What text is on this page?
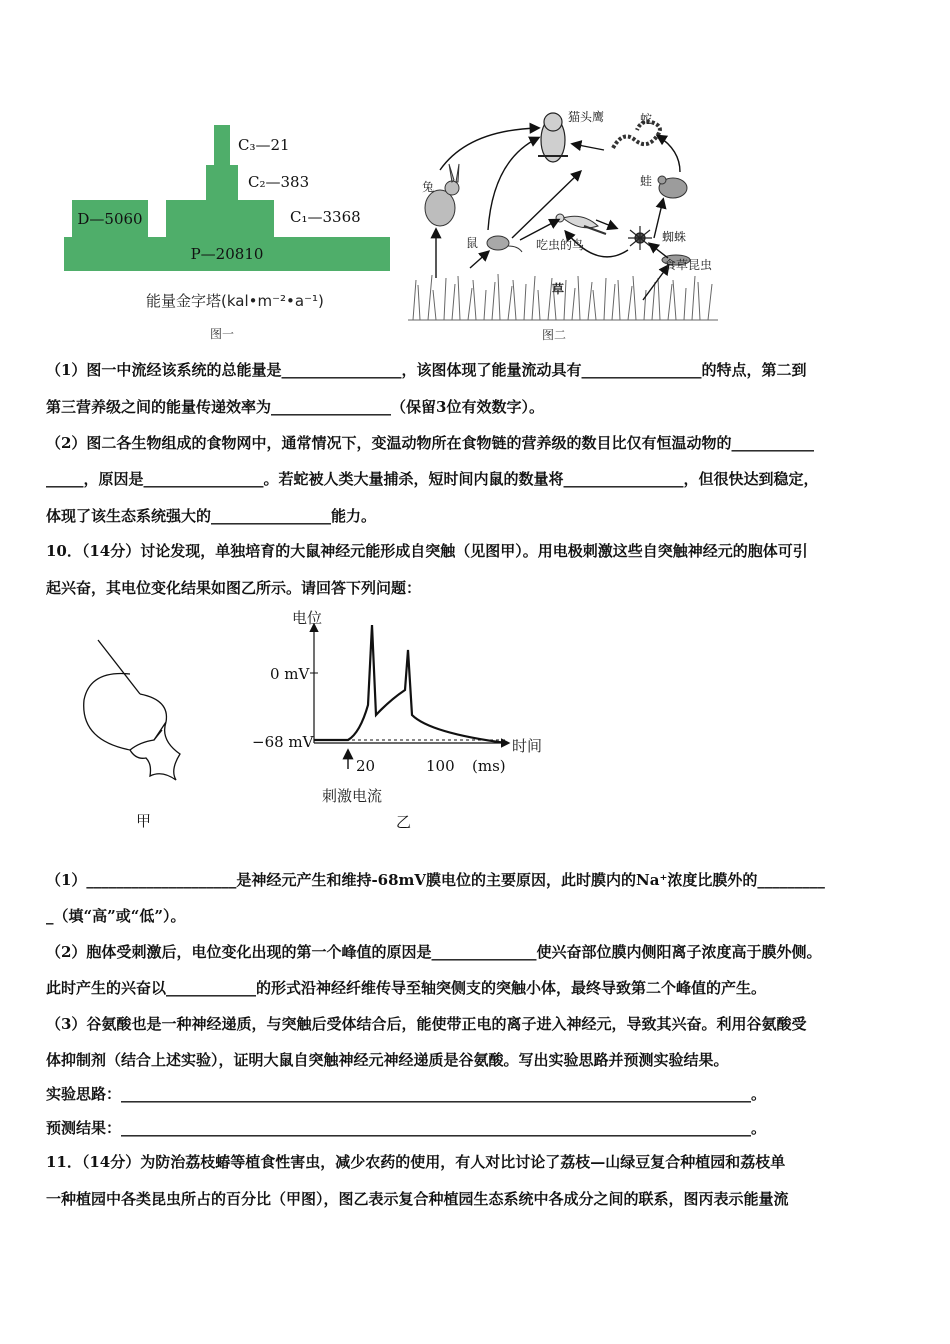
P—20810
D—5060
C₃—21
C₂—383
C₁—3368
能量金字塔(kal•m⁻²•a⁻¹)
图一
猫头鹰	蛇
兔	蛙
鼠	吃虫的鸟
蜘蛛
食草昆虫
草
图二
（1）图一中流经该系统的总能量是________________，该图体现了能量流动具有________________的特点，第二到
第三营养级之间的能量传递效率为________________（保留3位有效数字）。
（2）图二各生物组成的食物网中，通常情况下，变温动物所在食物链的营养级的数目比仅有恒温动物的___________
_____，原因是________________。若蛇被人类大量捕杀，短时间内鼠的数量将________________，但很快达到稳定，
体现了该生态系统强大的________________能力。
10．（14分）讨论发现，单独培育的大鼠神经元能形成自突触（见图甲）。用电极刺激这些自突触神经元的胞体可引
起兴奋，其电位变化结果如图乙所示。请回答下列问题：
甲
电位
0 mV
−68 mV
20	100 (ms)
时间
刺激电流
乙
（1）____________________是神经元产生和维持-68mV膜电位的主要原因，此时膜内的Na⁺浓度比膜外的_________
_（填“高”或“低”）。
（2）胞体受刺激后，电位变化出现的第一个峰值的原因是______________使兴奋部位膜内侧阳离子浓度高于膜外侧。
此时产生的兴奋以____________的形式沿神经纤维传导至轴突侧支的突触小体，最终导致第二个峰值的产生。
（3）谷氨酸也是一种神经递质，与突触后受体结合后，能使带正电的离子进入神经元，导致其兴奋。利用谷氨酸受
体抑制剂（结合上述实验），证明大鼠自突触神经元神经递质是谷氨酸。写出实验思路并预测实验结果。
实验思路：____________________________________________________________________________________。
预测结果：____________________________________________________________________________________。
11．（14分）为防治荔枝蝽等植食性害虫，减少农药的使用，有人对比讨论了荔枝—山绿豆复合种植园和荔枝单
一种植园中各类昆虫所占的百分比（甲图），图乙表示复合种植园生态系统中各成分之间的联系，图丙表示能量流
